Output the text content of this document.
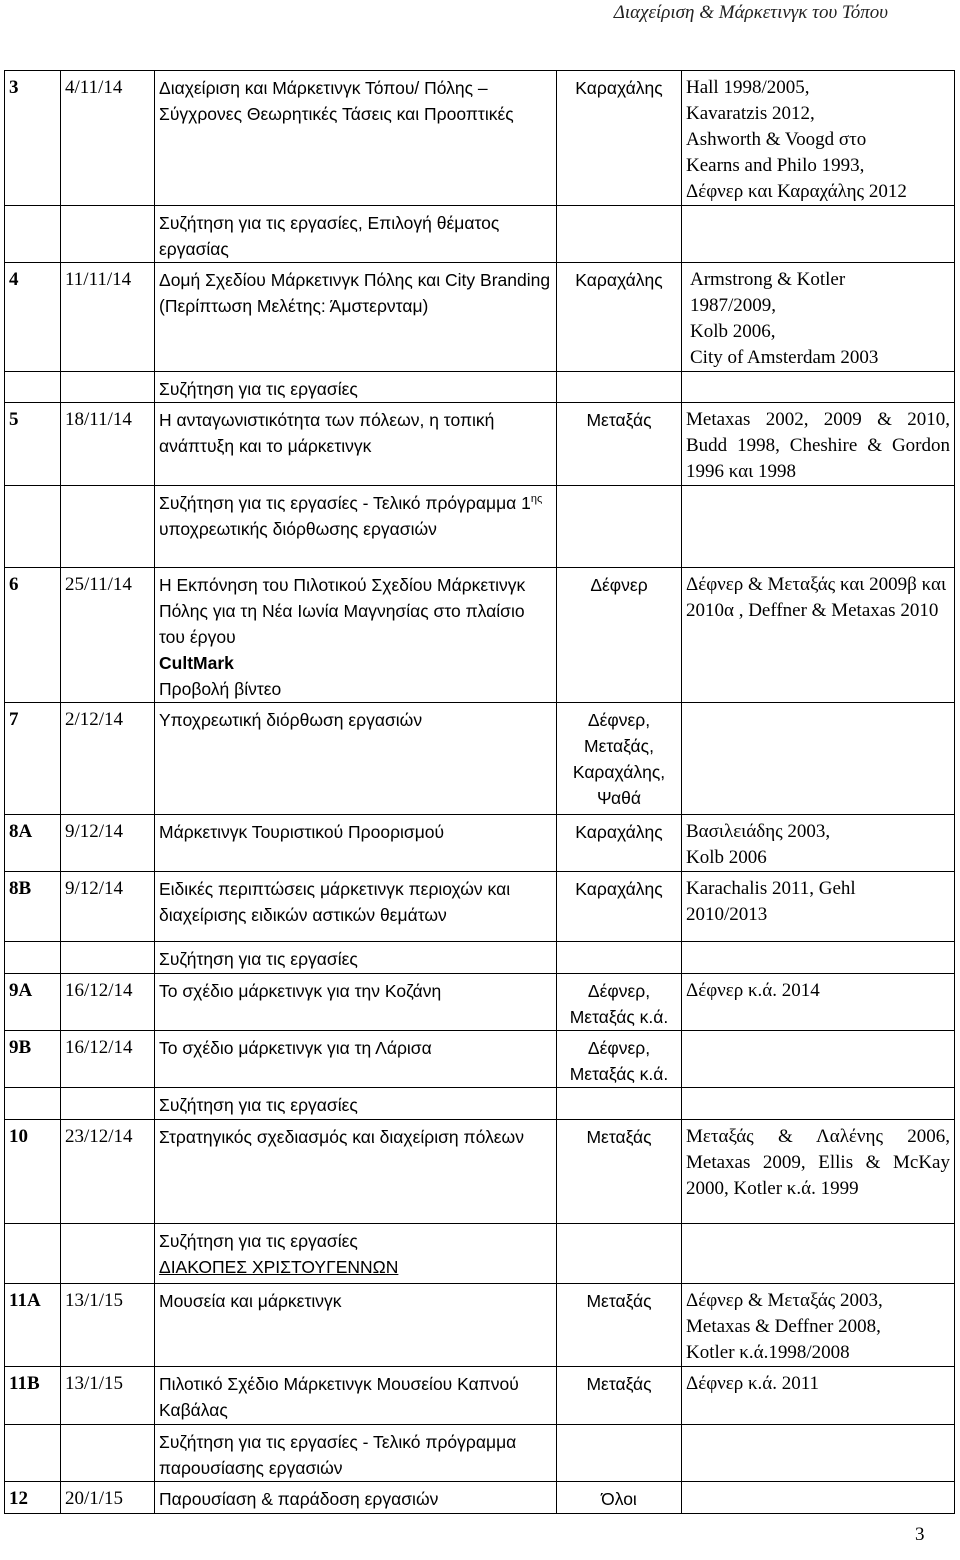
Διαχείριση & Μάρκετινγκ του Τόπου
3	4/11/14	Διαχείριση και Μάρκετινγκ Τόπου/ Πόλης – Σύγχρονες Θεωρητικές Τάσεις και Προοπτικές	Καραχάλης	Hall 1998/2005,
Kavaratzis 2012,
Ashworth & Voogd στο
Kearns and Philo 1993,
Δέφνερ και Καραχάλης 2012

		Συζήτηση για τις εργασίες, Επιλογή θέματος εργασίας		
4	11/11/14	Δομή Σχεδίου Μάρκετινγκ Πόλης και City Branding
(Περίπτωση Μελέτης: Άμστερνταμ)	Καραχάλης	Armstrong & Kotler
1987/2009,
Kolb 2006,
City of Amsterdam 2003

		Συζήτηση για τις εργασίες		
5	18/11/14	Η ανταγωνιστικότητα των πόλεων, η τοπική ανάπτυξη και το μάρκετινγκ	Μεταξάς	Metaxas 2002, 2009 & 2010, Budd 1998, Cheshire & Gordon 1996 και 1998
		Συζήτηση για τις εργασίες - Τελικό πρόγραμμα $1^{\eta\varsigma}$ υποχρεωτικής διόρθωσης εργασιών		
6	25/11/14	Η Εκπόνηση του Πιλοτικού Σχεδίου Μάρκετινγκ Πόλης για τη Νέα Ιωνία Μαγνησίας στο πλαίσιο του έργου
CultMark
Προβολή βίντεο	Δέφνερ	Δέφνερ & Μεταξάς και 2009β και 2010α , Deffner & Metaxas 2010
7	2/12/14	Υποχρεωτική διόρθωση εργασιών	Δέφνερ,
Μεταξάς,
Καραχάλης,
Ψαθά	

8Α	9/12/14	Μάρκετινγκ Τουριστικού Προορισμού	Καραχάλης	Βασιλειάδης 2003,
Kolb 2006

8Β	9/12/14	Ειδικές περιπτώσεις μάρκετινγκ περιοχών και διαχείρισης ειδικών αστικών θεμάτων	Καραχάλης	Karachalis 2011, Gehl
2010/2013

		Συζήτηση για τις εργασίες		
9Α	16/12/14	Το σχέδιο μάρκετινγκ για την Κοζάνη	Δέφνερ,
Μεταξάς κ.ά.	Δέφνερ κ.ά. 2014
9Β	16/12/14	Το σχέδιο μάρκετινγκ για τη Λάρισα	Δέφνερ,
Μεταξάς κ.ά.	

		Συζήτηση για τις εργασίες		
10	23/12/14	Στρατηγικός σχεδιασμός και διαχείριση πόλεων	Μεταξάς	Μεταξάς & Λαλένης 2006, Metaxas 2009, Ellis & McKay 2000, Kotler κ.ά. 1999

		Συζήτηση για τις εργασίες
ΔΙΑΚΟΠΕΣ ΧΡΙΣΤΟΥΓΕΝΝΩΝ		

11Α	13/1/15	Μουσεία και μάρκετινγκ	Μεταξάς	Δέφνερ & Μεταξάς 2003,
Metaxas & Deffner 2008,
Kotler κ.ά.1998/2008

11Β	13/1/15	Πιλοτικό Σχέδιο Μάρκετινγκ Μουσείου Καπνού Καβάλας	Μεταξάς	Δέφνερ κ.ά. 2011
		Συζήτηση για τις εργασίες - Τελικό πρόγραμμα παρουσίασης εργασιών		
12	20/1/15	Παρουσίαση & παράδοση εργασιών	Όλοι	
3
